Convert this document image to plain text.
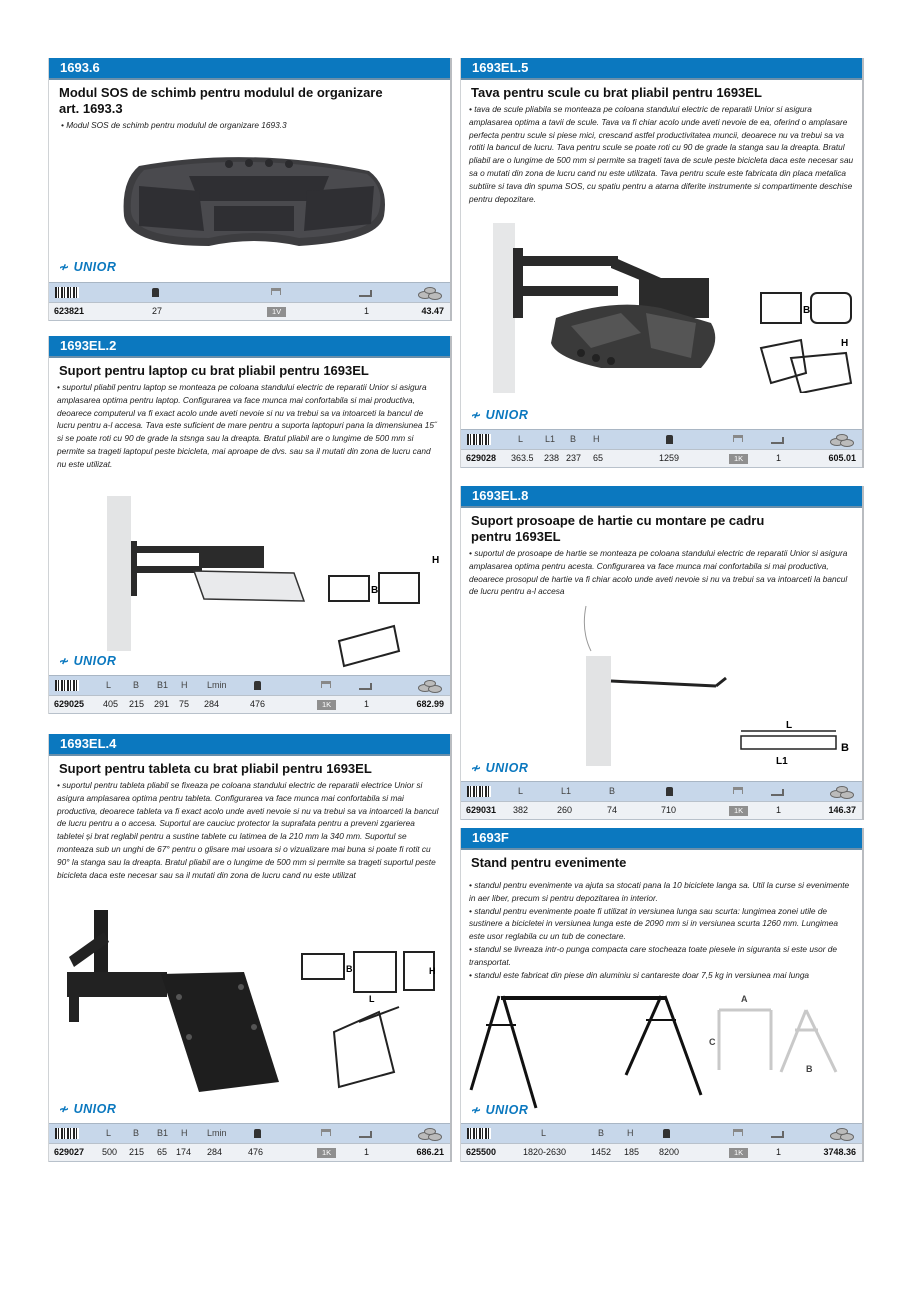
1693.6
Modul SOS de schimb pentru modulul de organizare art. 1693.3
• Modul SOS de schimb pentru modulul de organizare 1693.3
≁ UNIOR
623821	27	1V	1	43.47
1693EL.5
Tava pentru scule cu brat pliabil pentru 1693EL
• tava de scule pliabila se monteaza pe coloana standului electric de reparatii Unior si asigura amplasarea optima a tavii de scule. Tava va fi chiar acolo unde aveti nevoie de ea, oferind o amplasare perfecta pentru scule si piese mici, crescand astfel productivitatea muncii, deoarece nu va trebui sa va rotiti la bancul de lucru. Tava pentru scule se poate roti cu 90 de grade la stanga sau la dreapta. Bratul pliabil are o lungime de 500 mm si permite sa trageti tava de scule peste bicicleta daca este necesar sau sa o mutati din zona de lucru cand nu este utilizata. Tava pentru scule este fabricata din placa metalica subtiire si tava din spuma SOS, cu spatiu pentru a atarna diferite instrumente si compartimente deschise pentru depozitare.
B
H
≁ UNIOR
L L1 B H
629028 363.5 238 237 65	1259	1K	1	605.01
1693EL.2
Suport pentru laptop cu brat pliabil pentru 1693EL
• suportul pliabil pentru laptop se monteaza pe coloana standului electric de reparatii Unior si asigura amplasarea optima pentru laptop. Configurarea va face munca mai confortabila si mai productiva, deoarece computerul va fi exact acolo unde aveti nevoie si nu va trebui sa va intoarceti la bancul de lucru pentru a-l accesa. Tava este suficient de mare pentru a suporta laptopuri pana la dimensiunea 15˝ si se poate roti cu 90 de grade la stsnga sau la dreapta. Bratul pliabil are o lungime de 500 mm si permite sa trageti laptopul peste bicicleta, mai aproape de dvs. sau sa il mutati din zona de lucru cand nu este utilizat.
B
H
≁ UNIOR
L B B1 H Lmin
629025 405 215 291 75 284	476	1K	1	682.99
1693EL.8
Suport prosoape de hartie cu montare pe cadru pentru 1693EL
• suportul de prosoape de hartie se monteaza pe coloana standului electric de reparatii Unior si asigura amplasarea optima pentru acesta. Configurarea va face munca mai confortabila si mai productiva, deoarece prosopul de hartie va fi chiar acolo unde aveti nevoie si nu va trebui sa va intoarceti la bancul de lucru pentru a-l accesa
L
B
L1
≁ UNIOR
L	L1	B
629031 382	260	74	710	1K	1	146.37
1693EL.4
Suport pentru tableta cu brat pliabil pentru 1693EL
• suportul pentru tableta pliabil se fixeaza pe coloana standului electric de reparatii electrice Unior si asigura amplasarea optima pentru tableta. Configurarea va face munca mai confortabila si mai productiva, deoarece tableta va fi exact acolo unde aveti nevoie si nu va trebui sa va intoarceti la bancul de lucru pentru a o accesa. Suportul are cauciuc protector la suprafata pentru a preveni zgarierea tabletei și brat reglabil pentru a sustine tablete cu latimea de la 210 mm la 340 mm. Suportul se monteaza sub un unghi de 67° pentru o glisare mai usoara si o vizualizare mai buna si poate fi rotit cu 90° la stanga sau la dreapta. Bratul pliabil are o lungime de 500 mm si permite sa trageti suportul peste bicicleta daca este necesar sau sa il mutati din zona de lucru cand nu este utilizat
B
L
H
≁ UNIOR
L B B1 H Lmin
629027 500 215 65 174 284	476	1K	1	686.21
1693F
Stand pentru evenimente
• standul pentru evenimente va ajuta sa stocati pana la 10 biciclete langa sa. Util la curse si evenimente in aer liber, precum si pentru depozitarea in interior.
• standul pentru evenimente poate fi utilizat in versiunea lunga sau scurta: lungimea zonei utile de sustinere a bicicletei in versiunea lunga este de 2090 mm si in versiunea scurta 1260 mm. Lungimea este usor reglabila cu un tub de conectare.
• standul se livreaza intr-o punga compacta care stocheaza toate piesele in siguranta si este usor de transportat.
• standul este fabricat din piese din aluminiu si cantareste doar 7,5 kg in versiunea mai lunga
A
C
B
≁ UNIOR
L	B	H
625500	1820-2630	1452 185 8200	1K	1	3748.36
